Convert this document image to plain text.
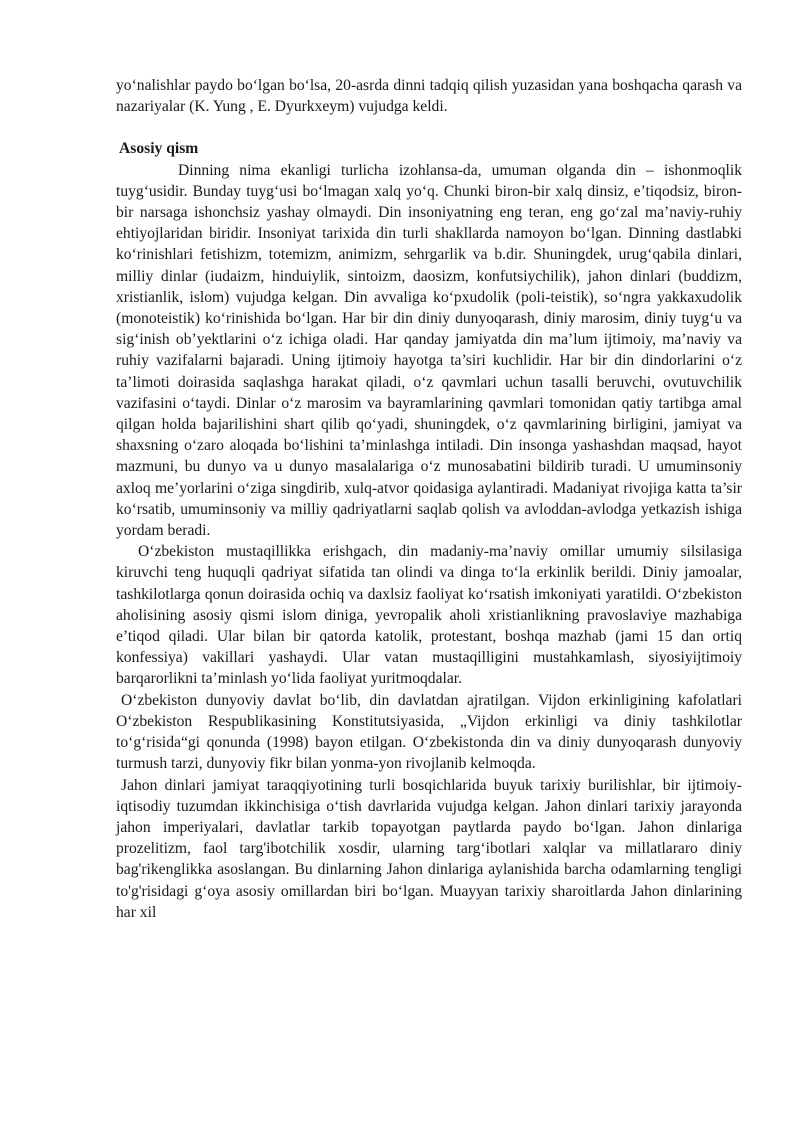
yo‘nalishlar paydo bo‘lgan bo‘lsa, 20-asrda dinni tadqiq qilish yuzasidan yana boshqacha qarash va nazariyalar (K. Yung , E. Dyurkxeym) vujudga keldi.

Asosiy qism

Dinning nima ekanligi turlicha izohlansa-da, umuman olganda din – ishonmoqlik tuyg‘usidir. Bunday tuyg‘usi bo‘lmagan xalq yo‘q. Chunki biron-bir xalq dinsiz, e’tiqodsiz, biron-bir narsaga ishonchsiz yashay olmaydi. Din insoniyatning eng teran, eng go‘zal ma’naviy-ruhiy ehtiyojlaridan biridir. Insoniyat tarixida din turli shakllarda namoyon bo‘lgan. Dinning dastlabki ko‘rinishlari fetishizm, totemizm, animizm, sehrgarlik va b.dir. Shuningdek, urug‘qabila dinlari, milliy dinlar (iudaizm, hinduiylik, sintoizm, daosizm, konfutsiychilik), jahon dinlari (buddizm, xristianlik, islom) vujudga kelgan. Din avvaliga ko‘pxudolik (poli-teistik), so‘ngra yakkaxudolik (monoteistik) ko‘rinishida bo‘lgan. Har bir din diniy dunyoqarash, diniy marosim, diniy tuyg‘u va sig‘inish ob’yektlarini o‘z ichiga oladi. Har qanday jamiyatda din ma’lum ijtimoiy, ma’naviy va ruhiy vazifalarni bajaradi. Uning ijtimoiy hayotga ta’siri kuchlidir. Har bir din dindorlarini o‘z ta’limoti doirasida saqlashga harakat qiladi, o‘z qavmlari uchun tasalli beruvchi, ovutuvchilik vazifasini o‘taydi. Dinlar o‘z marosim va bayramlarining qavmlari tomonidan qatiy tartibga amal qilgan holda bajarilishini shart qilib qo‘yadi, shuningdek, o‘z qavmlarining birligini, jamiyat va shaxsning o‘zaro aloqada bo‘lishini ta’minlashga intiladi. Din insonga yashashdan maqsad, hayot mazmuni, bu dunyo va u dunyo masalalariga o‘z munosabatini bildirib turadi. U umuminsoniy axloq me’yorlarini o‘ziga singdirib, xulq-atvor qoidasiga aylantiradi. Madaniyat rivojiga katta ta’sir ko‘rsatib, umuminsoniy va milliy qadriyatlarni saqlab qolish va avloddan-avlodga yetkazish ishiga yordam beradi.

O‘zbekiston mustaqillikka erishgach, din madaniy-ma’naviy omillar umumiy silsilasiga kiruvchi teng huquqli qadriyat sifatida tan olindi va dinga to‘la erkinlik berildi. Diniy jamoalar, tashkilotlarga qonun doirasida ochiq va daxlsiz faoliyat ko‘rsatish imkoniyati yaratildi. O‘zbekiston aholisining asosiy qismi islom diniga, yevropalik aholi xristianlikning pravoslaviye mazhabiga e’tiqod qiladi. Ular bilan bir qatorda katolik, protestant, boshqa mazhab (jami 15 dan ortiq konfessiya) vakillari yashaydi. Ular vatan mustaqilligini mustahkamlash, siyosiyijtimoiy barqarorlikni ta’minlash yo‘lida faoliyat yuritmoqdalar.

O‘zbekiston dunyoviy davlat bo‘lib, din davlatdan ajratilgan. Vijdon erkinligining kafolatlari O‘zbekiston Respublikasining Konstitutsiyasida, „Vijdon erkinligi va diniy tashkilotlar to‘g‘risida“gi qonunda (1998) bayon etilgan. O‘zbekistonda din va diniy dunyoqarash dunyoviy turmush tarzi, dunyoviy fikr bilan yonma-yon rivojlanib kelmoqda.

Jahon dinlari jamiyat taraqqiyotining turli bosqichlarida buyuk tarixiy burilishlar, bir ijtimoiy-iqtisodiy tuzumdan ikkinchisiga o‘tish davrlarida vujudga kelgan. Jahon dinlari tarixiy jarayonda jahon imperiyalari, davlatlar tarkib topayotgan paytlarda paydo bo‘lgan. Jahon dinlariga prozelitizm, faol targ'ibotchilik xosdir, ularning targ‘ibotlari xalqlar va millatlararo diniy bag'rikenglikka asoslangan. Bu dinlarning Jahon dinlariga aylanishida barcha odamlarning tengligi to'g'risidagi g‘oya asosiy omillardan biri bo‘lgan. Muayyan tarixiy sharoitlarda Jahon dinlarining har xil
